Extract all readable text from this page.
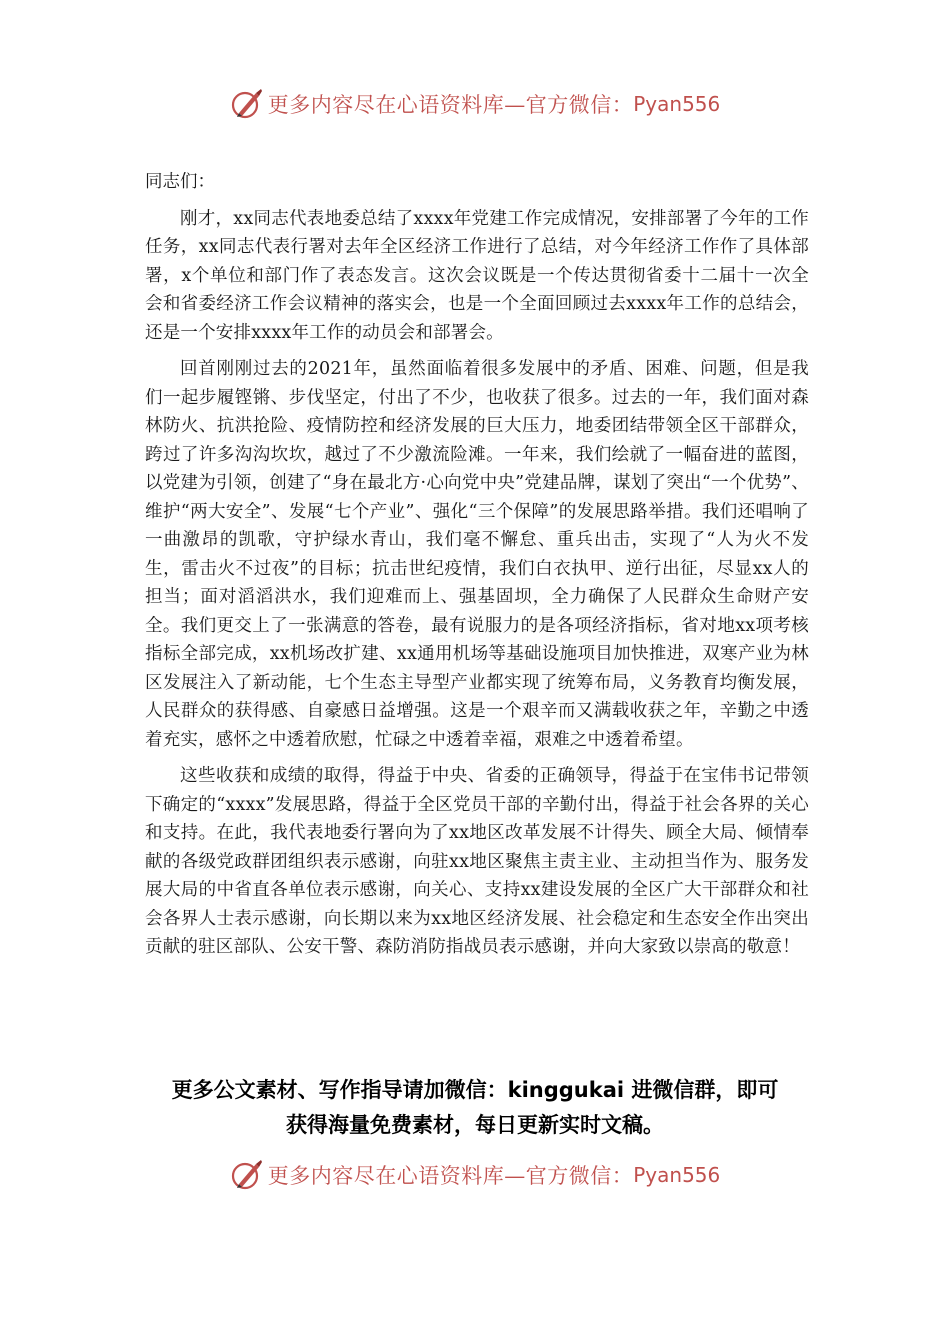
更多内容尽在心语资料库—官方微信： Pyan556

同志们：

刚才，xx同志代表地委总结了xxxx年党建工作完成情况，安排部署了今年的工作任务，xx同志代表行署对去年全区经济工作进行了总结，对今年经济工作作了具体部署，x个单位和部门作了表态发言。这次会议既是一个传达贯彻省委十二届十一次全会和省委经济工作会议精神的落实会，也是一个全面回顾过去xxxx年工作的总结会，还是一个安排xxxx年工作的动员会和部署会。

回首刚刚过去的2021年，虽然面临着很多发展中的矛盾、困难、问题，但是我们一起步履铿锵、步伐坚定，付出了不少，也收获了很多。过去的一年，我们面对森林防火、抗洪抢险、疫情防控和经济发展的巨大压力，地委团结带领全区干部群众，跨过了许多沟沟坎坎，越过了不少激流险滩。一年来，我们绘就了一幅奋进的蓝图，以党建为引领，创建了“身在最北方·心向党中央”党建品牌，谋划了突出“一个优势”、维护“两大安全”、发展“七个产业”、强化“三个保障”的发展思路举措。我们还唱响了一曲激昂的凯歌，守护绿水青山，我们毫不懈怠、重兵出击，实现了“人为火不发生，雷击火不过夜”的目标；抗击世纪疫情，我们白衣执甲、逆行出征，尽显xx人的担当；面对滔滔洪水，我们迎难而上、强基固坝，全力确保了人民群众生命财产安全。我们更交上了一张满意的答卷，最有说服力的是各项经济指标，省对地xx项考核指标全部完成，xx机场改扩建、xx通用机场等基础设施项目加快推进，双寒产业为林区发展注入了新动能，七个生态主导型产业都实现了统筹布局，义务教育均衡发展，人民群众的获得感、自豪感日益增强。这是一个艰辛而又满载收获之年，辛勤之中透着充实，感怀之中透着欣慰，忙碌之中透着幸福，艰难之中透着希望。

这些收获和成绩的取得，得益于中央、省委的正确领导，得益于在宝伟书记带领下确定的“xxxx”发展思路，得益于全区党员干部的辛勤付出，得益于社会各界的关心和支持。在此，我代表地委行署向为了xx地区改革发展不计得失、顾全大局、倾情奉献的各级党政群团组织表示感谢，向驻xx地区聚焦主责主业、主动担当作为、服务发展大局的中省直各单位表示感谢，向关心、支持xx建设发展的全区广大干部群众和社会各界人士表示感谢，向长期以来为xx地区经济发展、社会稳定和生态安全作出突出贡献的驻区部队、公安干警、森防消防指战员表示感谢，并向大家致以崇高的敬意！

更多公文素材、写作指导请加微信：kinggukai 进微信群，即可
获得海量免费素材，每日更新实时文稿。
更多内容尽在心语资料库—官方微信： Pyan556
